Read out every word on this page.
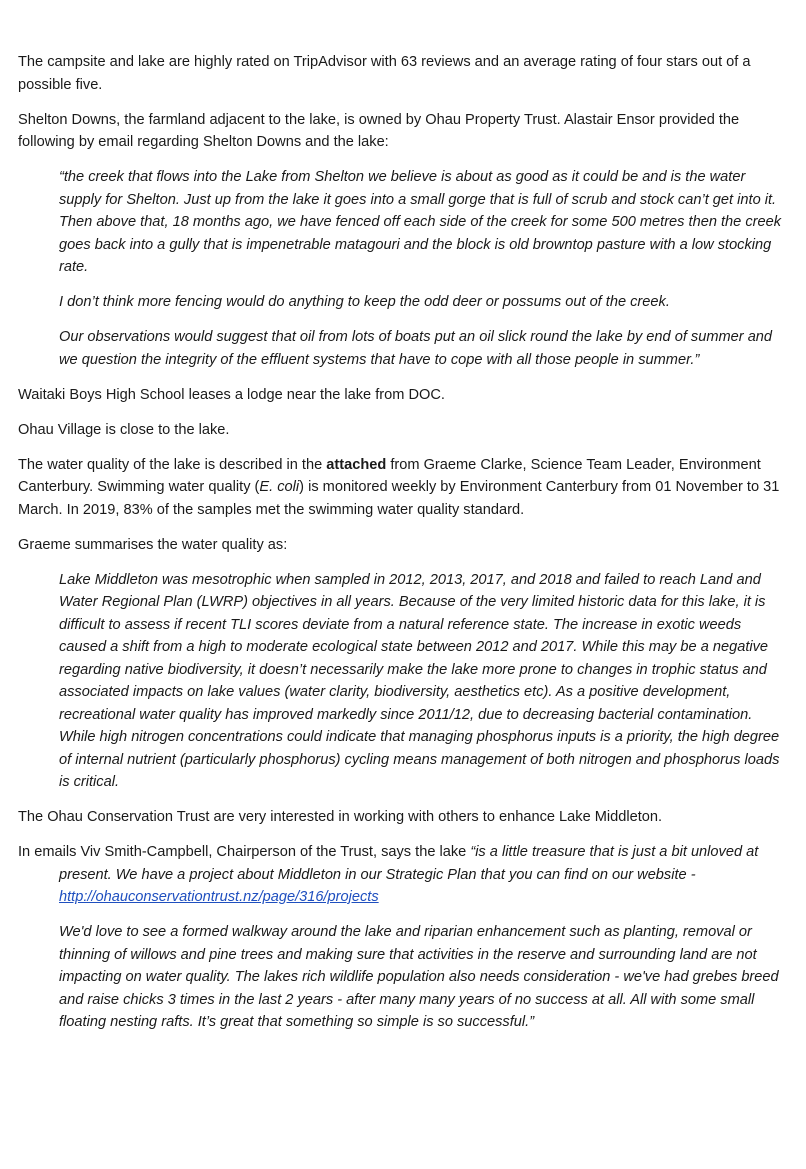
The campsite and lake are highly rated on TripAdvisor with 63 reviews and an average rating of four stars out of a possible five.

Shelton Downs, the farmland adjacent to the lake, is owned by Ohau Property Trust. Alastair Ensor provided the following by email regarding Shelton Downs and the lake:

“the creek that flows into the Lake from Shelton we believe is about as good as it could be and is the water supply for Shelton. Just up from the lake it goes into a small gorge that is full of scrub and stock can’t get into it. Then above that, 18 months ago, we have fenced off each side of the creek for some 500 metres then the creek goes back into a gully that is impenetrable matagouri and the block is old browntop pasture with a low stocking rate.

I don’t think more fencing would do anything to keep the odd deer or possums out of the creek.

Our observations would suggest that oil from lots of boats put an oil slick round the lake by end of summer and we question the integrity of the effluent systems that have to cope with all those people in summer.”

Waitaki Boys High School leases a lodge near the lake from DOC.

Ohau Village is close to the lake.

The water quality of the lake is described in the attached from Graeme Clarke, Science Team Leader, Environment Canterbury. Swimming water quality (E. coli) is monitored weekly by Environment Canterbury from 01 November to 31 March. In 2019, 83% of the samples met the swimming water quality standard.

Graeme summarises the water quality as:

Lake Middleton was mesotrophic when sampled in 2012, 2013, 2017, and 2018 and failed to reach Land and Water Regional Plan (LWRP) objectives in all years. Because of the very limited historic data for this lake, it is difficult to assess if recent TLI scores deviate from a natural reference state. The increase in exotic weeds caused a shift from a high to moderate ecological state between 2012 and 2017. While this may be a negative regarding native biodiversity, it doesn’t necessarily make the lake more prone to changes in trophic status and associated impacts on lake values (water clarity, biodiversity, aesthetics etc). As a positive development, recreational water quality has improved markedly since 2011/12, due to decreasing bacterial contamination. While high nitrogen concentrations could indicate that managing phosphorus inputs is a priority, the high degree of internal nutrient (particularly phosphorus) cycling means management of both nitrogen and phosphorus loads is critical.

The Ohau Conservation Trust are very interested in working with others to enhance Lake Middleton.

In emails Viv Smith-Campbell, Chairperson of the Trust, says the lake “is a little treasure that is just a bit unloved at

present. We have a project about Middleton in our Strategic Plan that you can find on our website - http://ohauconservationtrust.nz/page/316/projects

We'd love to see a formed walkway around the lake and riparian enhancement such as planting, removal or thinning of willows and pine trees and making sure that activities in the reserve and surrounding land are not impacting on water quality. The lakes rich wildlife population also needs consideration - we've had grebes breed and raise chicks 3 times in the last 2 years - after many many years of no success at all. All with some small floating nesting rafts. It’s great that something so simple is so successful.”
